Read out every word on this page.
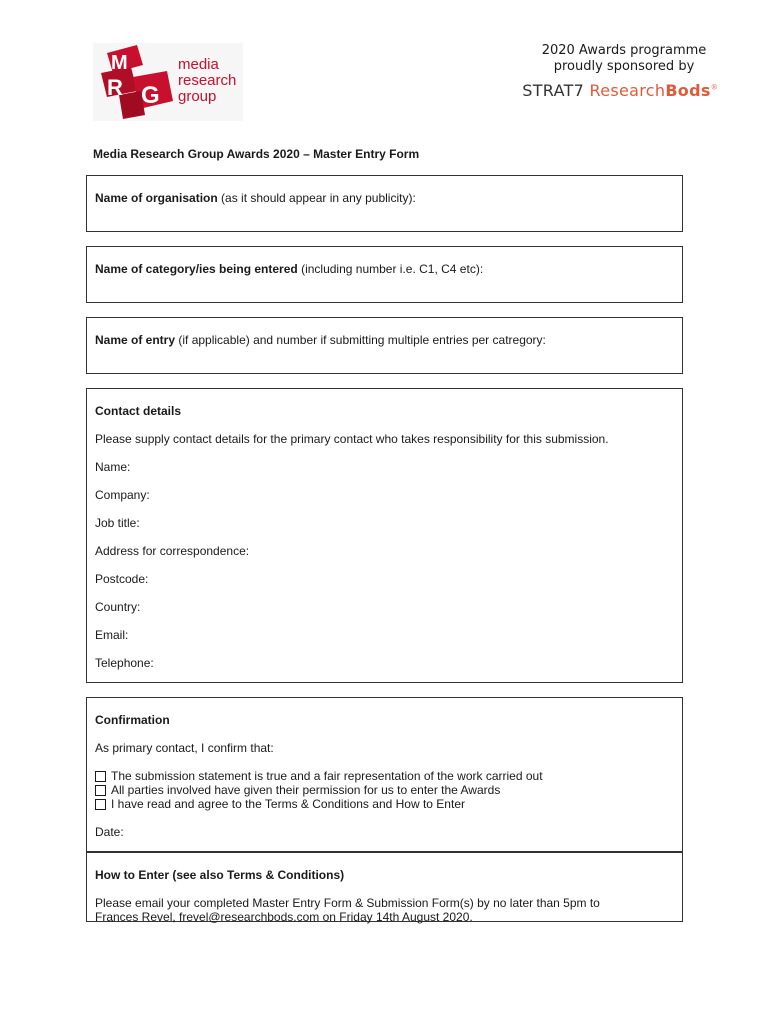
M
R G
media
research
group
2020 Awards programme
proudly sponsored by
STRAT7 ResearchBods®
Media Research Group Awards 2020 – Master Entry Form

Name of organisation (as it should appear in any publicity):

Name of category/ies being entered (including number i.e. C1, C4 etc):

Name of entry (if applicable) and number if submitting multiple entries per catregory:

Contact details
Please supply contact details for the primary contact who takes responsibility for this submission.
Name:
Company:
Job title:
Address for correspondence:
Postcode:
Country:
Email:
Telephone:
Confirmation
As primary contact, I confirm that:
The submission statement is true and a fair representation of the work carried out
All parties involved have given their permission for us to enter the Awards
I have read and agree to the Terms & Conditions and How to Enter
Date:
How to Enter (see also Terms & Conditions)
Please email your completed Master Entry Form & Submission Form(s) by no later than 5pm to
Frances Revel, frevel@researchbods.com on Friday 14th August 2020.
